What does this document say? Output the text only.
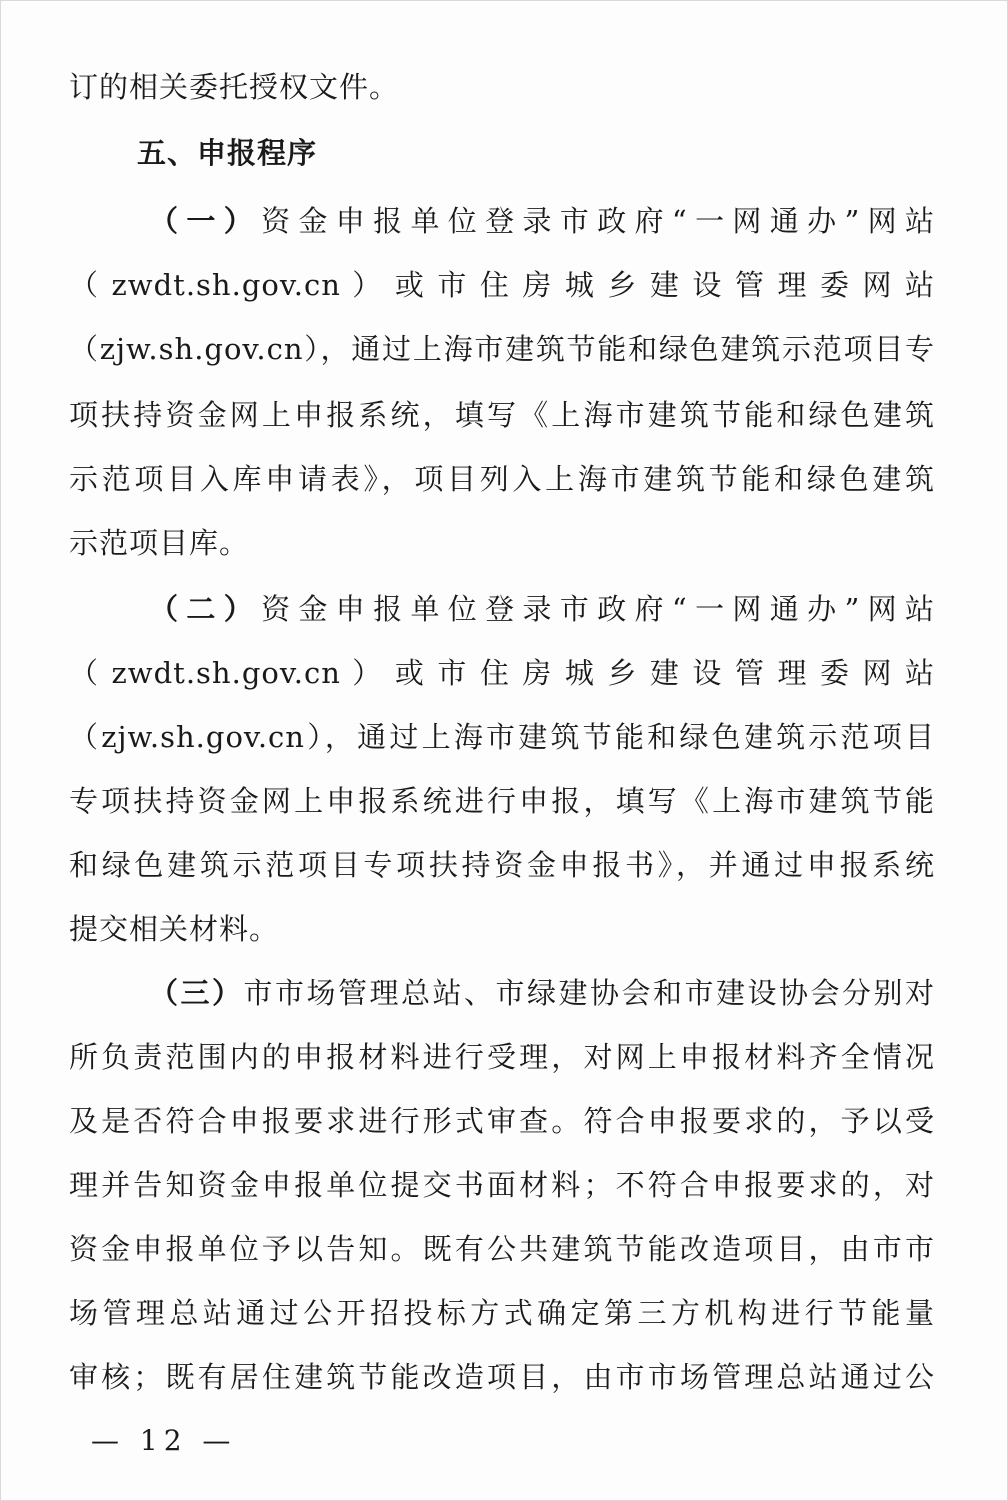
订的相关委托授权文件。
五、申报程序
（一）资金申报单位登录市政府“一网通办”网站
（ zwdt.sh.gov.cn ） 或 市 住 房 城 乡 建 设 管 理 委 网 站
（zjw.sh.gov.cn），通过上海市建筑节能和绿色建筑示范项目专
项扶持资金网上申报系统，填写《上海市建筑节能和绿色建筑
示范项目入库申请表》，项目列入上海市建筑节能和绿色建筑
示范项目库。
（二）资金申报单位登录市政府“一网通办”网站
（ zwdt.sh.gov.cn ） 或 市 住 房 城 乡 建 设 管 理 委 网 站
（zjw.sh.gov.cn），通过上海市建筑节能和绿色建筑示范项目
专项扶持资金网上申报系统进行申报，填写《上海市建筑节能
和绿色建筑示范项目专项扶持资金申报书》，并通过申报系统
提交相关材料。
（三）市市场管理总站、市绿建协会和市建设协会分别对
所负责范围内的申报材料进行受理，对网上申报材料齐全情况
及是否符合申报要求进行形式审查。符合申报要求的，予以受
理并告知资金申报单位提交书面材料；不符合申报要求的，对
资金申报单位予以告知。既有公共建筑节能改造项目，由市市
场管理总站通过公开招投标方式确定第三方机构进行节能量
审核；既有居住建筑节能改造项目，由市市场管理总站通过公
— 12 —
